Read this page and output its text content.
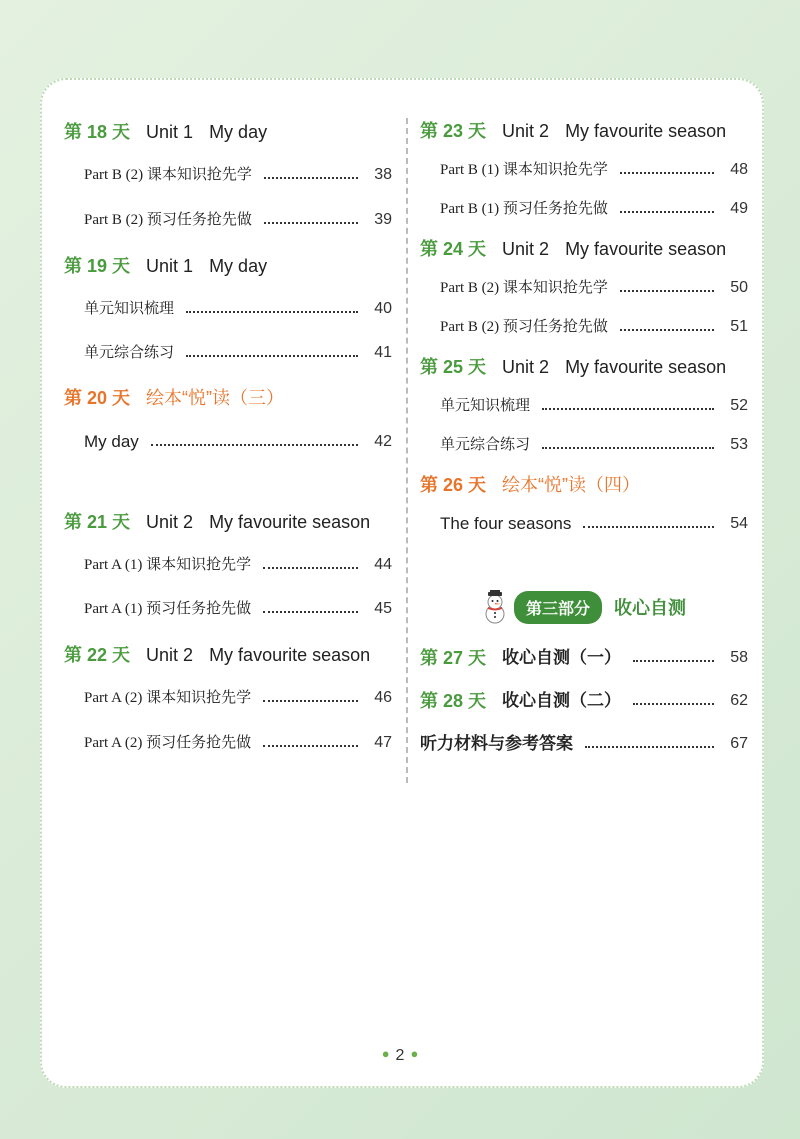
第 18 天 Unit 1 My day
Part B (2) 课本知识抢先学	38
Part B (2) 预习任务抢先做	39
第 19 天 Unit 1 My day
单元知识梳理	40
单元综合练习	41
第 20 天 绘本“悦”读（三）
My day	42
第 21 天 Unit 2 My favourite season
Part A (1) 课本知识抢先学	44
Part A (1) 预习任务抢先做	45
第 22 天 Unit 2 My favourite season
Part A (2) 课本知识抢先学	46
Part A (2) 预习任务抢先做	47
第 23 天 Unit 2 My favourite season
Part B (1) 课本知识抢先学	48
Part B (1) 预习任务抢先做	49
第 24 天 Unit 2 My favourite season
Part B (2) 课本知识抢先学	50
Part B (2) 预习任务抢先做	51
第 25 天 Unit 2 My favourite season
单元知识梳理	52
单元综合练习	53
第 26 天 绘本“悦”读（四）
The four seasons	54
第三部分	收心自测
第 27 天 收心自测（一）	58
第 28 天 收心自测（二）	62
听力材料与参考答案	67
● 2 ●
